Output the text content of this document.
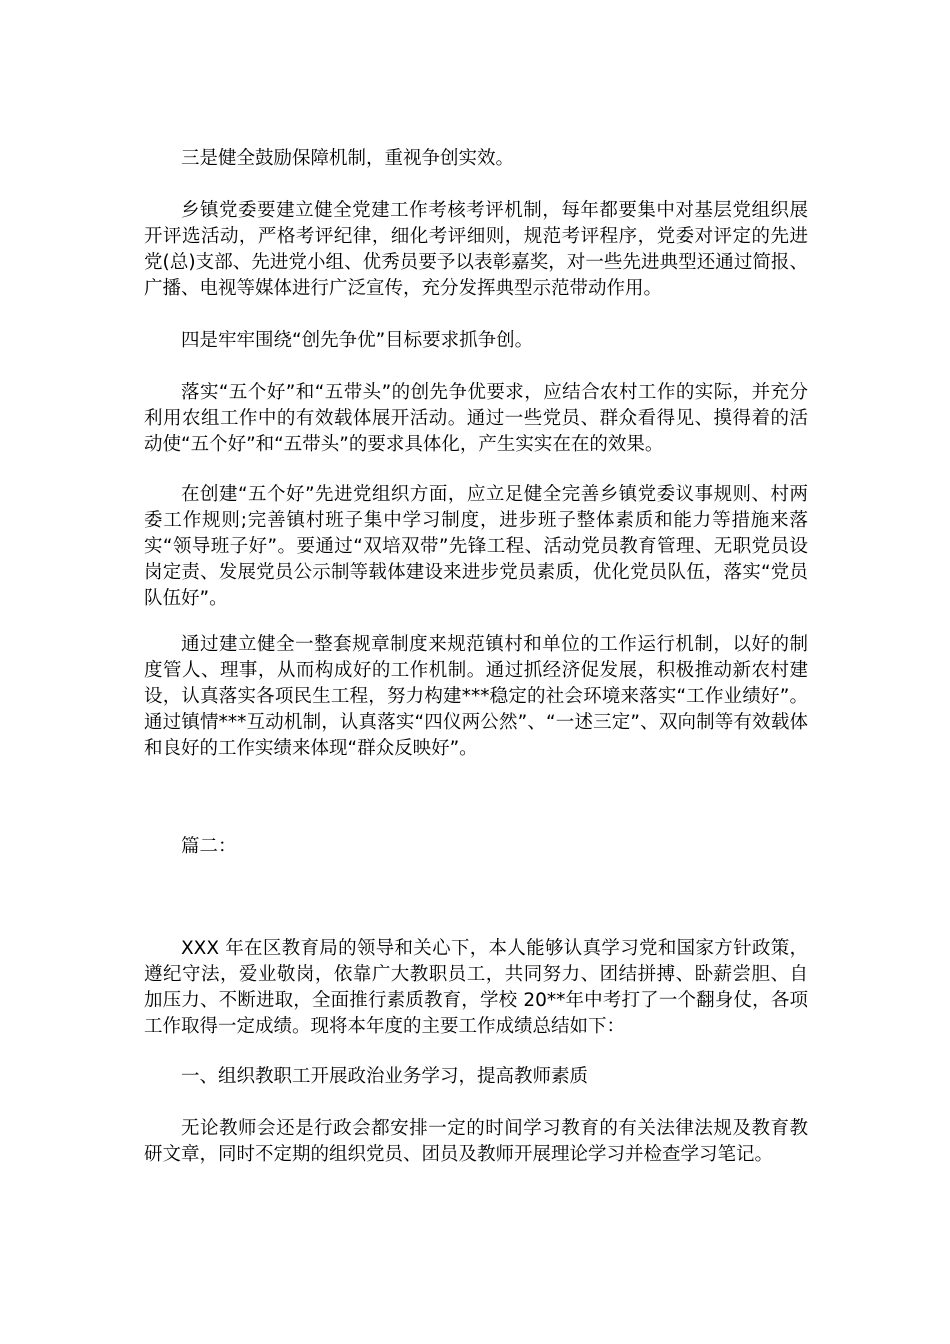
三是健全鼓励保障机制，重视争创实效。

乡镇党委要建立健全党建工作考核考评机制，每年都要集中对基层党组织展开评选活动，严格考评纪律，细化考评细则，规范考评程序，党委对评定的先进党(总)支部、先进党小组、优秀员要予以表彰嘉奖，对一些先进典型还通过简报、广播、电视等媒体进行广泛宣传，充分发挥典型示范带动作用。

四是牢牢围绕“创先争优”目标要求抓争创。

落实“五个好”和“五带头”的创先争优要求，应结合农村工作的实际，并充分利用农组工作中的有效载体展开活动。通过一些党员、群众看得见、摸得着的活动使“五个好”和“五带头”的要求具体化，产生实实在在的效果。

在创建“五个好”先进党组织方面，应立足健全完善乡镇党委议事规则、村两委工作规则;完善镇村班子集中学习制度，进步班子整体素质和能力等措施来落实“领导班子好”。要通过“双培双带”先锋工程、活动党员教育管理、无职党员设岗定责、发展党员公示制等载体建设来进步党员素质，优化党员队伍，落实“党员队伍好”。

通过建立健全一整套规章制度来规范镇村和单位的工作运行机制，以好的制度管人、理事，从而构成好的工作机制。通过抓经济促发展，积极推动新农村建设，认真落实各项民生工程，努力构建***稳定的社会环境来落实“工作业绩好”。通过镇情***互动机制，认真落实“四仪两公然”、“一述三定”、双向制等有效载体和良好的工作实绩来体现“群众反映好”。

篇二：

XXX 年在区教育局的领导和关心下，本人能够认真学习党和国家方针政策，遵纪守法，爱业敬岗，依靠广大教职员工，共同努力、团结拼搏、卧薪尝胆、自加压力、不断进取，全面推行素质教育，学校 20**年中考打了一个翻身仗，各项工作取得一定成绩。现将本年度的主要工作成绩总结如下：

一、组织教职工开展政治业务学习，提高教师素质

无论教师会还是行政会都安排一定的时间学习教育的有关法律法规及教育教研文章，同时不定期的组织党员、团员及教师开展理论学习并检查学习笔记。
